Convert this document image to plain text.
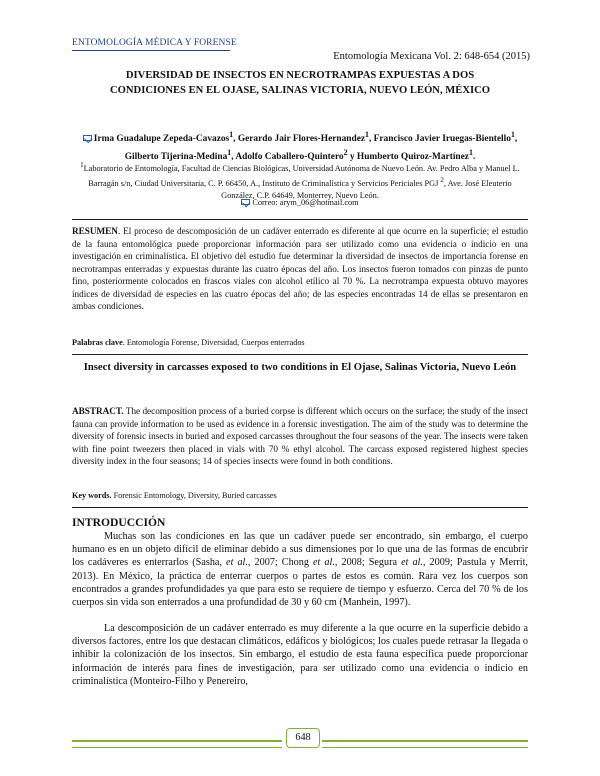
ENTOMOLOGÍA MÉDICA Y FORENSE
Entomología Mexicana Vol. 2: 648-654 (2015)
DIVERSIDAD DE INSECTOS EN NECROTRAMPAS EXPUESTAS A DOS
CONDICIONES EN EL OJASE, SALINAS VICTORIA, NUEVO LEÓN, MÉXICO
Irma Guadalupe Zepeda-Cavazos$^1$, Gerardo Jair Flores-Hernandez$^1$, Francisco Javier Iruegas-Bientello$^1$, Gilberto Tijerina-Medina$^1$, Adolfo Caballero-Quintero$^2$ y Humberto Quiroz-Martínez$^1$.
$^1$Laboratorio de Entomología, Facultad de Ciencias Biológicas, Universidad Autónoma de Nuevo León. Av. Pedro Alba y Manuel L. Barragán s/n, Ciudad Universitaria, C. P. 66450, A., Instituto de Criminalística y Servicios Periciales PGJ $^2$, Ave. José Eleuterio González, C.P. 64649, Monterrey, Nuevo León.
Correo: arym_06@hotmail.com
RESUMEN. El proceso de descomposición de un cadáver enterrado es diferente al que ocurre en la superficie; el estudio de la fauna entomológica puede proporcionar información para ser utilizado como una evidencia o indicio en una investigación en criminalística. El objetivo del estudio fue determinar la diversidad de insectos de importancia forense en necrotrampas enterradas y expuestas durante las cuatro épocas del año. Los insectos fueron tomados con pinzas de punto fino, posteriormente colocados en frascos viales con alcohol etílico al 70 %. La necrotrampa expuesta obtuvo mayores índices de diversidad de especies en las cuatro épocas del año; de las especies encontradas 14 de ellas se presentaron en ambas condiciones.
Palabras clave. Entomología Forense, Diversidad, Cuerpos enterrados
Insect diversity in carcasses exposed to two conditions in El Ojase, Salinas Victoria, Nuevo León
ABSTRACT. The decomposition process of a buried corpse is different which occurs on the surface; the study of the insect fauna can provide information to be used as evidence in a forensic investigation. The aim of the study was to determine the diversity of forensic insects in buried and exposed carcasses throughout the four seasons of the year. The insects were taken with fine point tweezers then placed in vials with 70 % ethyl alcohol. The carcass exposed registered highest species diversity index in the four seasons; 14 of species insects were found in both conditions.
Key words. Forensic Entomology, Diversity, Buried carcasses
INTRODUCCIÓN
Muchas son las condiciones en las que un cadáver puede ser encontrado, sin embargo, el cuerpo humano es en un objeto difícil de eliminar debido a sus dimensiones por lo que una de las formas de encubrir los cadáveres es enterrarlos (Sasha, et al., 2007; Chong et al., 2008; Segura et al., 2009; Pastula y Merrit, 2013). En México, la práctica de enterrar cuerpos o partes de estos es común. Rara vez los cuerpos son encontrados a grandes profundidades ya que para esto se requiere de tiempo y esfuerzo. Cerca del 70 % de los cuerpos sin vida son enterrados a una profundidad de 30 y 60 cm (Manhein, 1997).
La descomposición de un cadáver enterrado es muy diferente a la que ocurre en la superficie debido a diversos factores, entre los que destacan climáticos, edáficos y biológicos; los cuales puede retrasar la llegada o inhibir la colonización de los insectos. Sin embargo, el estudio de esta fauna específica puede proporcionar información de interés para fines de investigación, para ser utilizado como una evidencia o indicio en criminalística (Monteiro-Filho y Penereiro,
648
